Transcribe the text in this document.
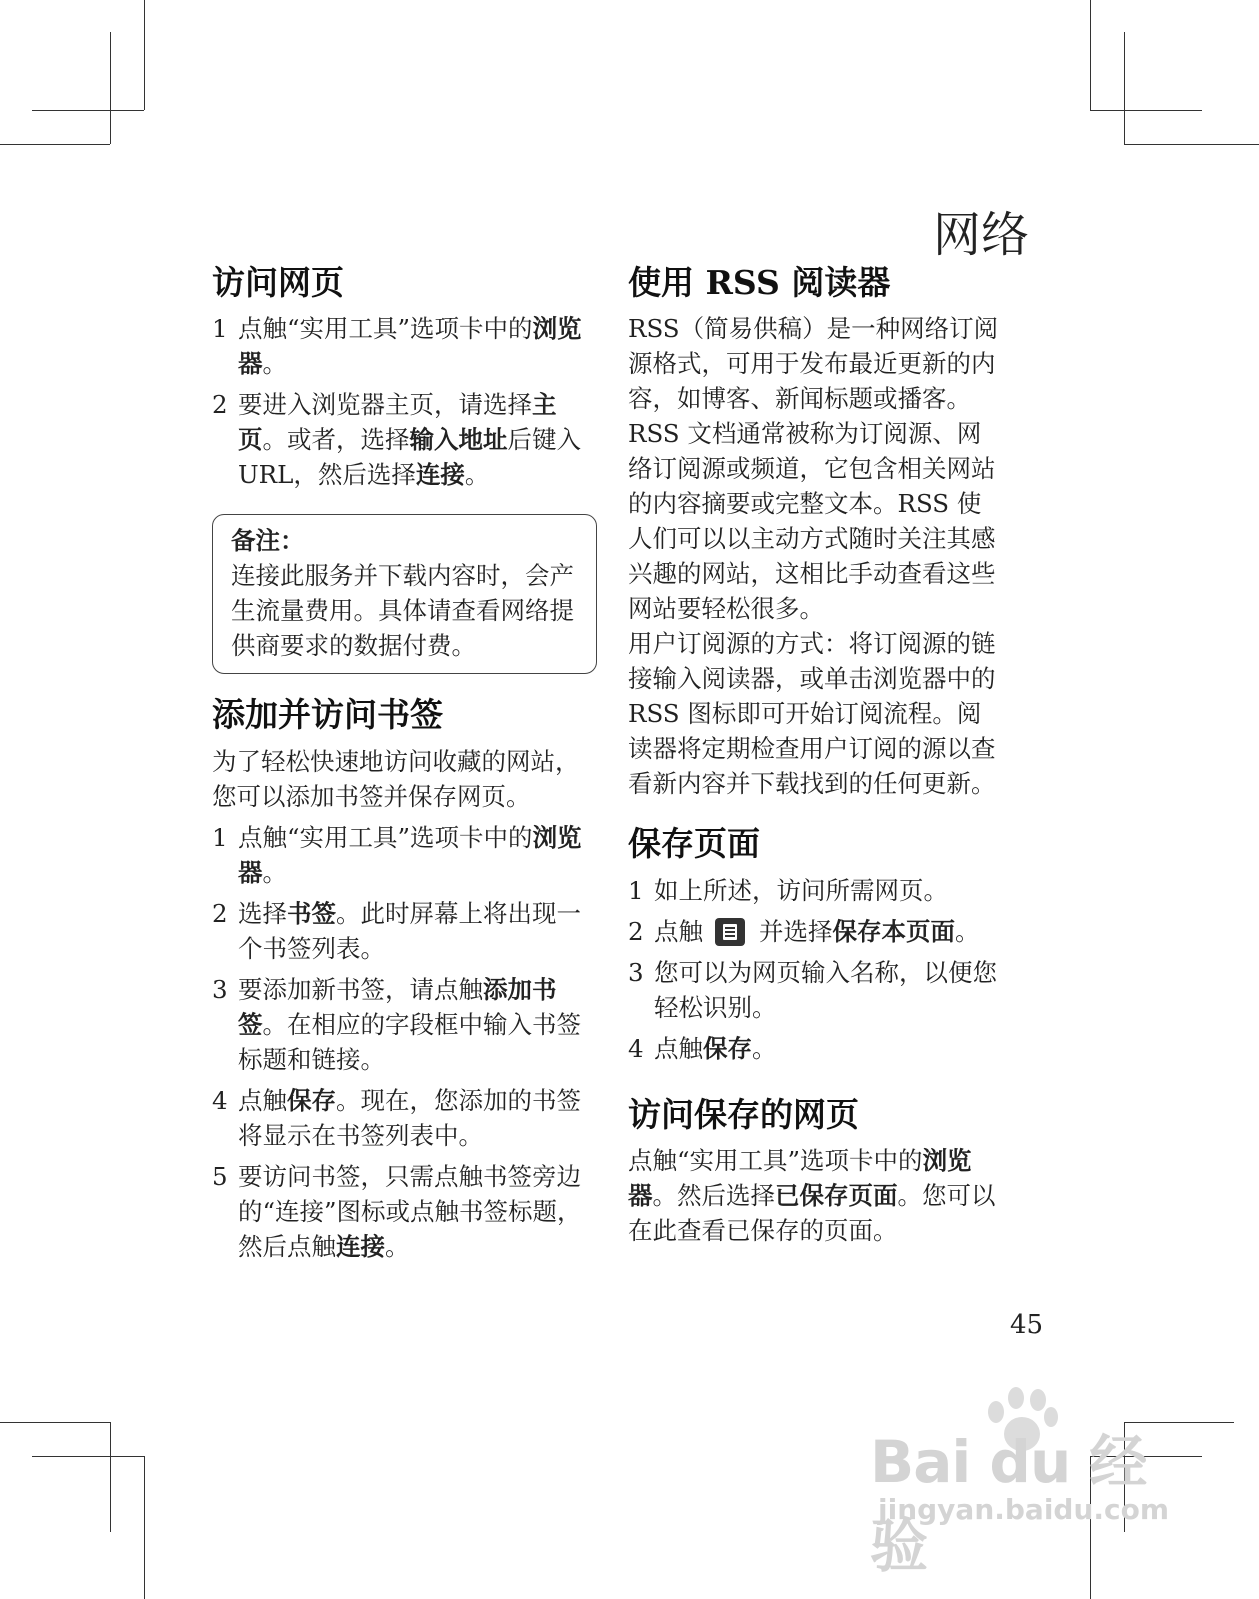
网络
访问网页
1 点触“实用工具”选项卡中的浏览器。
2 要进入浏览器主页，请选择主页。或者，选择输入地址后键入 URL，然后选择连接。
备注：

连接此服务并下载内容时，会产生流量费用。具体请查看网络提供商要求的数据付费。

添加并访问书签

为了轻松快速地访问收藏的网站，您可以添加书签并保存网页。

1 点触“实用工具”选项卡中的浏览器。
2 选择书签。此时屏幕上将出现一个书签列表。
3 要添加新书签，请点触添加书签。在相应的字段框中输入书签标题和链接。
4 点触保存。现在，您添加的书签将显示在书签列表中。
5 要访问书签，只需点触书签旁边的“连接”图标或点触书签标题，然后点触连接。
使用 RSS 阅读器

RSS（简易供稿）是一种网络订阅源格式，可用于发布最近更新的内容，如博客、新闻标题或播客。RSS 文档通常被称为订阅源、网络订阅源或频道，它包含相关网站的内容摘要或完整文本。RSS 使人们可以以主动方式随时关注其感兴趣的网站，这相比手动查看这些网站要轻松很多。

用户订阅源的方式：将订阅源的链接输入阅读器，或单击浏览器中的 RSS 图标即可开始订阅流程。阅读器将定期检查用户订阅的源以查看新内容并下载找到的任何更新。

保存页面
1 如上所述，访问所需网页。
2 点触 并选择保存本页面。
3 您可以为网页输入名称，以便您轻松识别。
4 点触保存。
访问保存的网页

点触“实用工具”选项卡中的浏览器。然后选择已保存页面。您可以在此查看已保存的页面。

45
Bai du 经验
jingyan.baidu.com
